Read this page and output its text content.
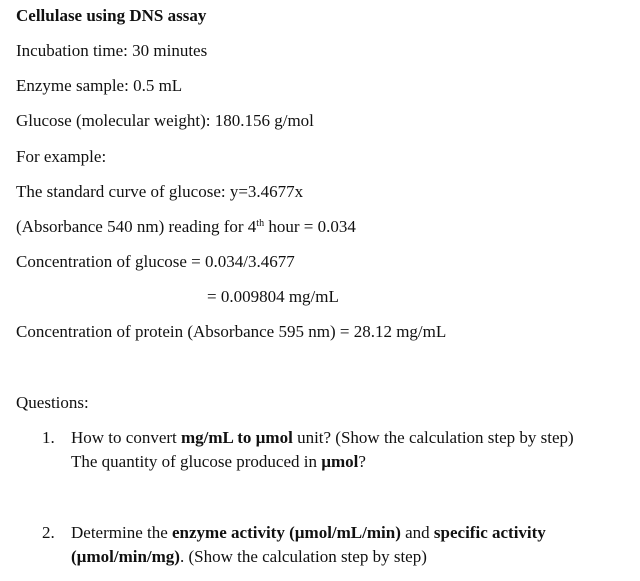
Cellulase using DNS assay
Incubation time: 30 minutes
Enzyme sample: 0.5 mL
Glucose (molecular weight): 180.156 g/mol
For example:
The standard curve of glucose: y=3.4677x
(Absorbance 540 nm) reading for 4th hour = 0.034
Concentration of glucose = 0.034/3.4677
= 0.009804 mg/mL
Concentration of protein (Absorbance 595 nm) = 28.12 mg/mL
Questions:
1. How to convert mg/mL to µmol unit? (Show the calculation step by step)
The quantity of glucose produced in µmol?
2. Determine the enzyme activity (µmol/mL/min) and specific activity
(µmol/min/mg). (Show the calculation step by step)
